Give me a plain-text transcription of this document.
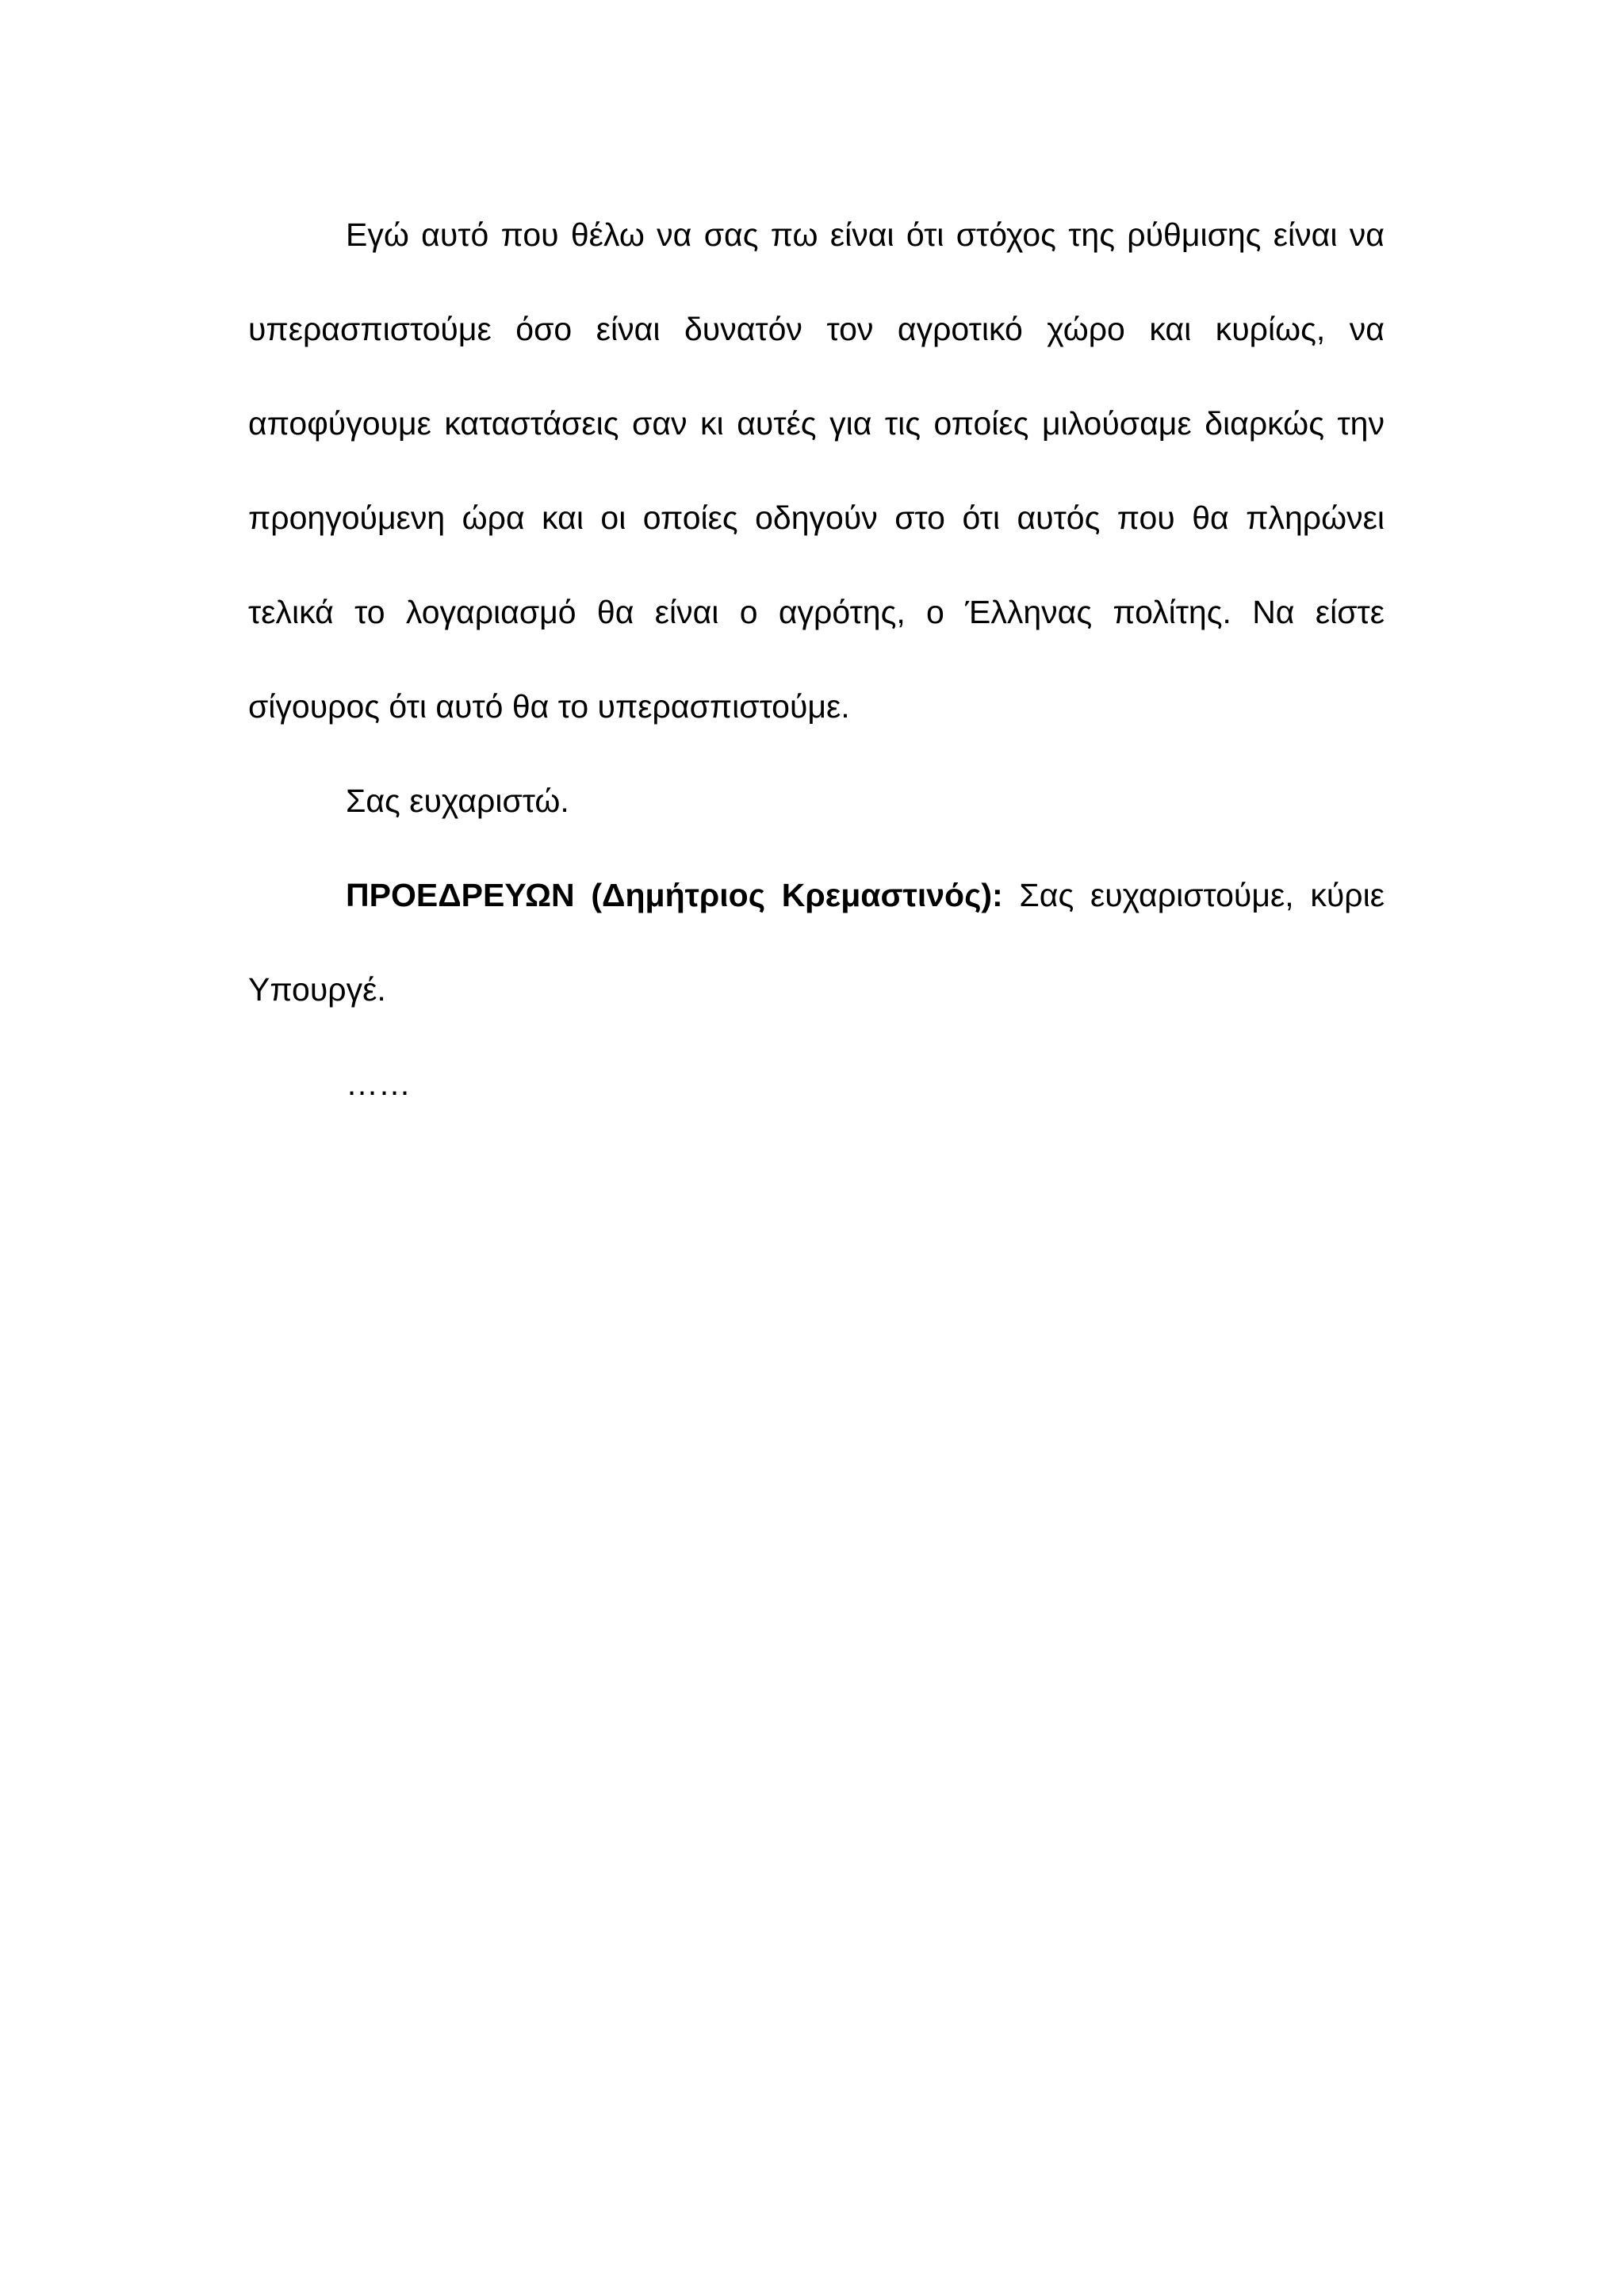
Εγώ αυτό που θέλω να σας πω είναι ότι στόχος της ρύθμισης είναι να υπερασπιστούμε όσο είναι δυνατόν τον αγροτικό χώρο και κυρίως, να αποφύγουμε καταστάσεις σαν κι αυτές για τις οποίες μιλούσαμε διαρκώς την προηγούμενη ώρα και οι οποίες οδηγούν στο ότι αυτός που θα πληρώνει τελικά το λογαριασμό θα είναι ο αγρότης, ο Έλληνας πολίτης. Να είστε σίγουρος ότι αυτό θα το υπερασπιστούμε.

Σας ευχαριστώ.

ΠΡΟΕΔΡΕΥΩΝ (Δημήτριος Κρεμαστινός): Σας ευχαριστούμε, κύριε Υπουργέ.

……
